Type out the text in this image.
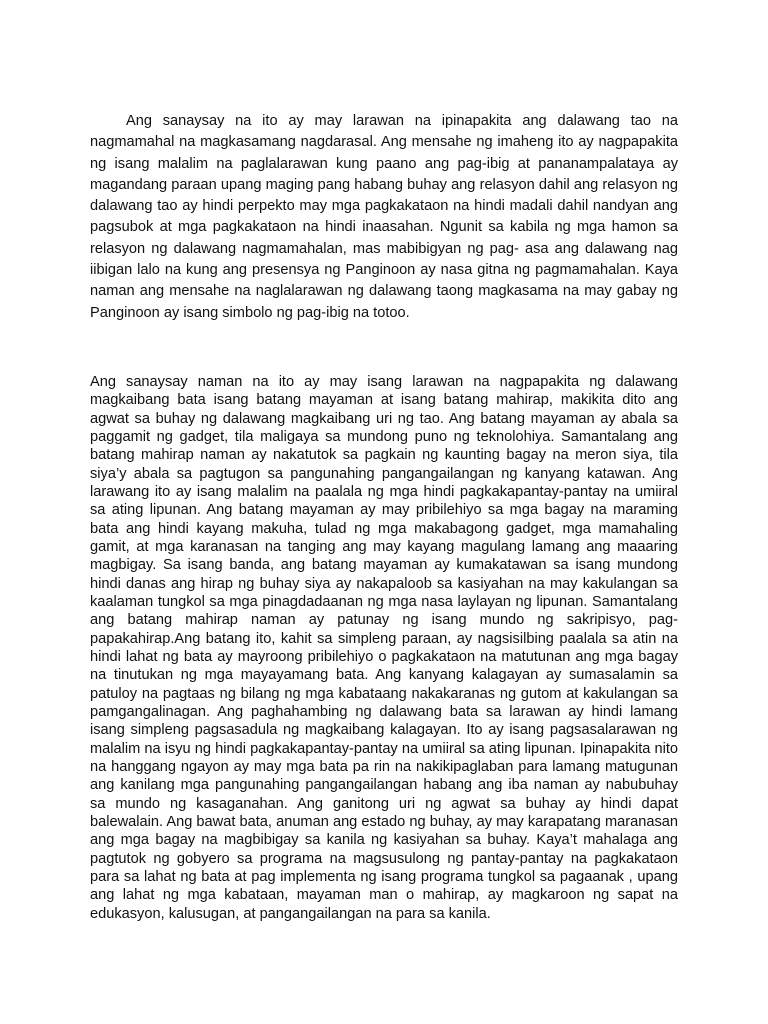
Ang sanaysay na ito ay may larawan na ipinapakita ang dalawang tao na nagmamahal na magkasamang nagdarasal. Ang mensahe ng imaheng ito ay nagpapakita ng isang malalim na paglalarawan kung paano ang pag-ibig at pananampalataya ay magandang paraan upang maging pang habang buhay ang relasyon dahil ang relasyon ng dalawang tao ay hindi perpekto may mga pagkakataon na hindi madali dahil nandyan ang pagsubok at mga pagkakataon na hindi inaasahan. Ngunit sa kabila ng mga hamon sa relasyon ng dalawang nagmamahalan, mas mabibigyan ng pag- asa ang dalawang nag iibigan lalo na kung ang presensya ng Panginoon ay nasa gitna ng pagmamahalan. Kaya naman ang mensahe na naglalarawan ng dalawang taong magkasama na may gabay ng Panginoon ay isang simbolo ng pag-ibig na totoo.

Ang sanaysay naman na ito ay may isang larawan na nagpapakita ng dalawang magkaibang bata isang batang mayaman at isang batang mahirap, makikita dito ang agwat sa buhay ng dalawang magkaibang uri ng tao. Ang batang mayaman ay abala sa paggamit ng gadget, tila maligaya sa mundong puno ng teknolohiya. Samantalang ang batang mahirap naman ay nakatutok sa pagkain ng kaunting bagay na meron siya, tila siya’y abala sa pagtugon sa pangunahing pangangailangan ng kanyang katawan. Ang larawang ito ay isang malalim na paalala ng mga hindi pagkakapantay-pantay na umiiral sa ating lipunan. Ang batang mayaman ay may pribilehiyo sa mga bagay na maraming bata ang hindi kayang makuha, tulad ng mga makabagong gadget, mga mamahaling gamit, at mga karanasan na tanging ang may kayang magulang lamang ang maaaring magbigay. Sa isang banda, ang batang mayaman ay kumakatawan sa isang mundong hindi danas ang hirap ng buhay siya ay nakapaloob sa kasiyahan na may kakulangan sa kaalaman tungkol sa mga pinagdadaanan ng mga nasa laylayan ng lipunan. Samantalang ang batang mahirap naman ay patunay ng isang mundo ng sakripisyo, pag-papakahirap.Ang batang ito, kahit sa simpleng paraan, ay nagsisilbing paalala sa atin na hindi lahat ng bata ay mayroong pribilehiyo o pagkakataon na matutunan ang mga bagay na tinutukan ng mga mayayamang bata. Ang kanyang kalagayan ay sumasalamin sa patuloy na pagtaas ng bilang ng mga kabataang nakakaranas ng gutom at kakulangan sa pamgangalinagan. Ang paghahambing ng dalawang bata sa larawan ay hindi lamang isang simpleng pagsasadula ng magkaibang kalagayan. Ito ay isang pagsasalarawan ng malalim na isyu ng hindi pagkakapantay-pantay na umiiral sa ating lipunan. Ipinapakita nito na hanggang ngayon ay may mga bata pa rin na nakikipaglaban para lamang matugunan ang kanilang mga pangunahing pangangailangan habang ang iba naman ay nabubuhay sa mundo ng kasaganahan. Ang ganitong uri ng agwat sa buhay ay hindi dapat balewalain. Ang bawat bata, anuman ang estado ng buhay, ay may karapatang maranasan ang mga bagay na magbibigay sa kanila ng kasiyahan sa buhay. Kaya’t mahalaga ang pagtutok ng gobyero sa programa na magsusulong ng pantay-pantay na pagkakataon para sa lahat ng bata at pag implementa ng isang programa tungkol sa pagaanak , upang ang lahat ng mga kabataan, mayaman man o mahirap, ay magkaroon ng sapat na edukasyon, kalusugan, at pangangailangan na para sa kanila.
